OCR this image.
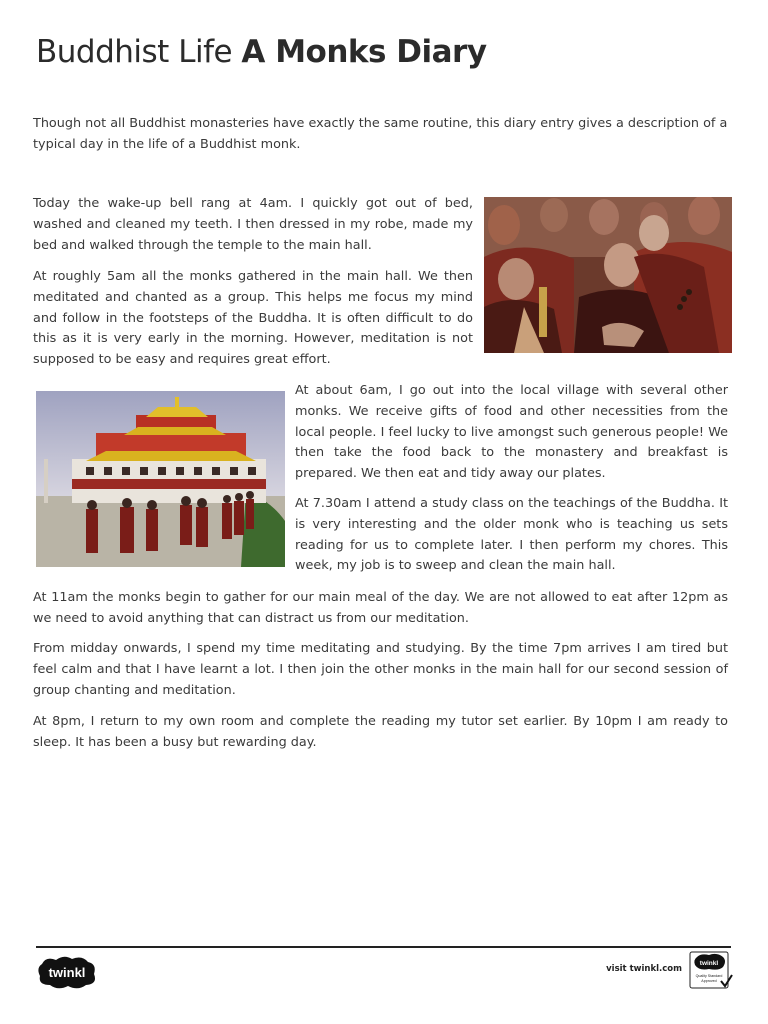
Buddhist Life A Monks Diary

Though not all Buddhist monasteries have exactly the same routine, this diary entry gives a description of a typical day in the life of a Buddhist monk.

Today the wake-up bell rang at 4am. I quickly got out of bed, washed and cleaned my teeth. I then dressed in my robe, made my bed and walked through the temple to the main hall.

At roughly 5am all the monks gathered in the main hall. We then meditated and chanted as a group. This helps me focus my mind and follow in the footsteps of the Buddha. It is often difficult to do this as it is very early in the morning. However, meditation is not supposed to be easy and requires great effort.

At about 6am, I go out into the local village with several other monks. We receive gifts of food and other necessities from the local people. I feel lucky to live amongst such generous people! We then take the food back to the monastery and breakfast is prepared. We then eat and tidy away our plates.

At 7.30am I attend a study class on the teachings of the Buddha. It is very interesting and the older monk who is teaching us sets reading for us to complete later. I then perform my chores. This week, my job is to sweep and clean the main hall.

At 11am the monks begin to gather for our main meal of the day. We are not allowed to eat after 12pm as we need to avoid anything that can distract us from our meditation.

From midday onwards, I spend my time meditating and studying. By the time 7pm arrives I am tired but feel calm and that I have learnt a lot. I then join the other monks in the main hall for our second session of group chanting and meditation.

At 8pm, I return to my own room and complete the reading my tutor set earlier. By 10pm I am ready to sleep. It has been a busy but rewarding day.

twinkl	visit twinkl.com
twinkl
Quality Standard
Approved
